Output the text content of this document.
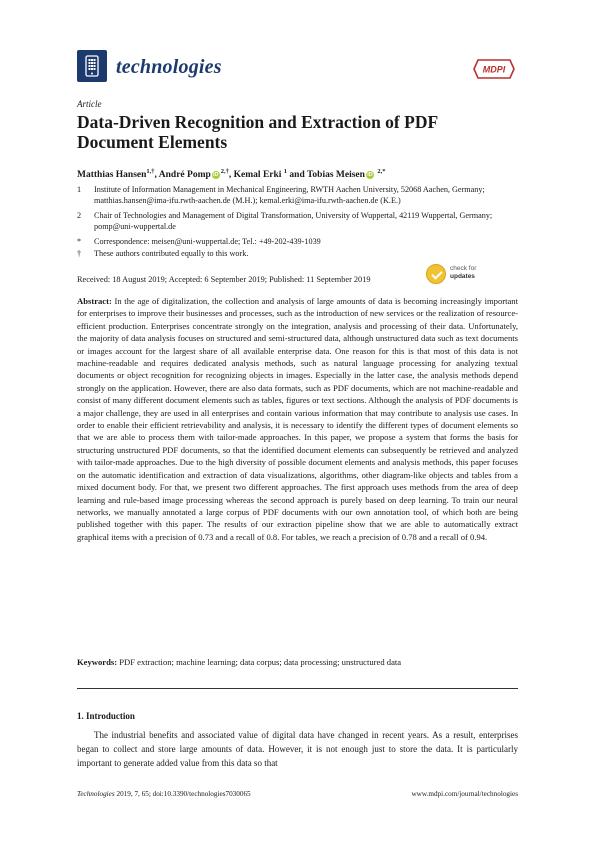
technologies	MDPI
Article
Data-Driven Recognition and Extraction of PDF Document Elements
Matthias Hansen$^{1,\dagger}$, André Pomp $iD^{2,\dagger}$, Kemal Erki $^1$ and Tobias Meisen iD $^{2,*}$
1	Institute of Information Management in Mechanical Engineering, RWTH Aachen University, 52068 Aachen, Germany; matthias.hansen@ima-ifu.rwth-aachen.de (M.H.); kemal.erki@ima-ifu.rwth-aachen.de (K.E.)
2	Chair of Technologies and Management of Digital Transformation, University of Wuppertal, 42119 Wuppertal, Germany; pomp@uni-wuppertal.de
*	Correspondence: meisen@uni-wuppertal.de; Tel.: +49-202-439-1039
†	These authors contributed equally to this work.
Received: 18 August 2019; Accepted: 6 September 2019; Published: 11 September 2019
check for
updates
Abstract: In the age of digitalization, the collection and analysis of large amounts of data is becoming increasingly important for enterprises to improve their businesses and processes, such as the introduction of new services or the realization of resource-efficient production. Enterprises concentrate strongly on the integration, analysis and processing of their data. Unfortunately, the majority of data analysis focuses on structured and semi-structured data, although unstructured data such as text documents or images account for the largest share of all available enterprise data. One reason for this is that most of this data is not machine-readable and requires dedicated analysis methods, such as natural language processing for analyzing textual documents or object recognition for recognizing objects in images. Especially in the latter case, the analysis methods depend strongly on the application. However, there are also data formats, such as PDF documents, which are not machine-readable and consist of many different document elements such as tables, figures or text sections. Although the analysis of PDF documents is a major challenge, they are used in all enterprises and contain various information that may contribute to analysis use cases. In order to enable their efficient retrievability and analysis, it is necessary to identify the different types of document elements so that we are able to process them with tailor-made approaches. In this paper, we propose a system that forms the basis for structuring unstructured PDF documents, so that the identified document elements can subsequently be retrieved and analyzed with tailor-made approaches. Due to the high diversity of possible document elements and analysis methods, this paper focuses on the automatic identification and extraction of data visualizations, algorithms, other diagram-like objects and tables from a mixed document body. For that, we present two different approaches. The first approach uses methods from the area of deep learning and rule-based image processing whereas the second approach is purely based on deep learning. To train our neural networks, we manually annotated a large corpus of PDF documents with our own annotation tool, of which both are being published together with this paper. The results of our extraction pipeline show that we are able to automatically extract graphical items with a precision of 0.73 and a recall of 0.8. For tables, we reach a precision of 0.78 and a recall of 0.94.
Keywords: PDF extraction; machine learning; data corpus; data processing; unstructured data
1. Introduction
The industrial benefits and associated value of digital data have changed in recent years. As a result, enterprises began to collect and store large amounts of data. However, it is not enough just to store the data. It is particularly important to generate added value from this data so that
Technologies 2019, 7, 65; doi:10.3390/technologies7030065	www.mdpi.com/journal/technologies
